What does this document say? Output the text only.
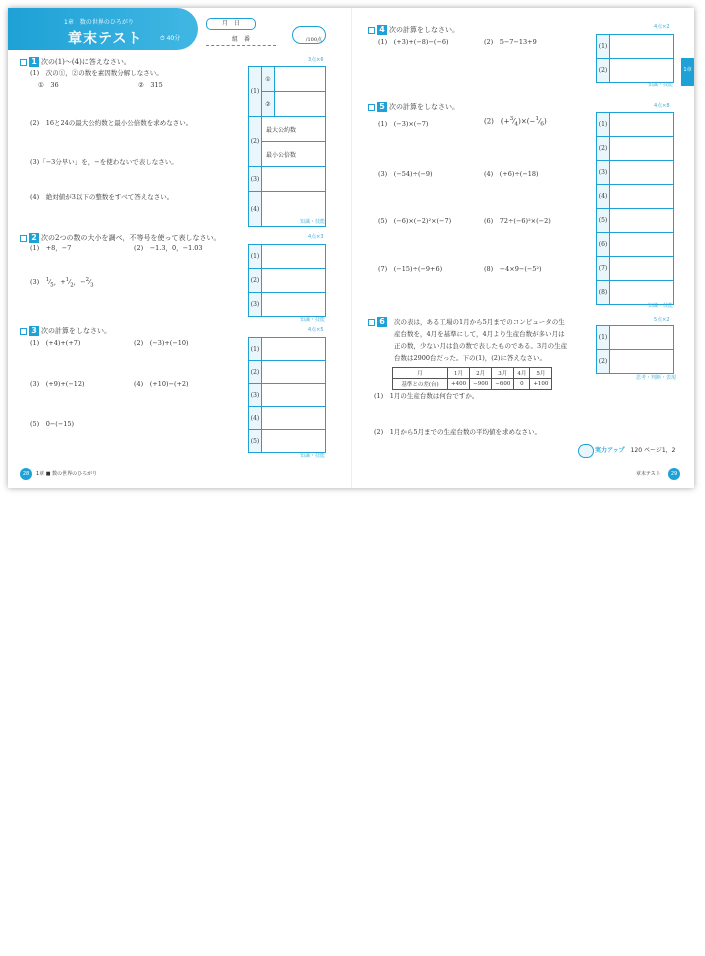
1章　数の世界のひろがり
章末テスト	⏱ 40分
月　日
組　番	/100点
1 次の(1)～(4)に答えなさい。	3点×6
(1)　次の①，②の数を素因数分解しなさい。
①　36	②　315
(2)　16と24の最大公約数と最小公倍数を求めなさい。
(3)「−3分早い」を，−を使わないで表しなさい。
(4)　絶対値が3以下の整数をすべて答えなさい。
(1)	①	
	②	
(2)	最大公約数	
	最小公倍数	
(3)		
(4)		
知識・技能
2 次の2つの数の大小を調べ，不等号を使って表しなさい。	4点×3
(1)　+8，−7	(2)　−1.3，0，−1.03
(3)　 $^1⁄_5$，$+^1⁄_2$，$-^2⁄_3$
(1)	
(2)	
(3)	
知識・技能
3 次の計算をしなさい。	4点×5
(1)　(+4)+(+7)	(2)　(−3)+(−10)
(3)　(+9)+(−12)	(4)　(+10)−(+2)
(5)　0−(−15)
(1)	
(2)	
(3)	
(4)	
(5)	
知識・技能
28	1章 ■ 数の世界のひろがり
1章
4 次の計算をしなさい。	4点×2
(1)　(+3)+(−8)−(−6)	(2)　5−7−13+9
(1)	
(2)	
知識・技能
5 次の計算をしなさい。	4点×8
(1)　(−3)×(−7)	(2)　$(+^3⁄_4)\times(-^1⁄_6)$
(3)　(−54)÷(−9)	(4)　(+6)÷(−18)
(5)　(−6)×(−2)²×(−7)	(6)　72÷(−6)²×(−2)
(7)　(−15)÷(−9+6)	(8)　−4×9−(−5²)
(1)	
(2)	
(3)	
(4)	
(5)	
(6)	
(7)	
(8)	
知識・技能
6	5点×2
次の表は，ある工場の1月から5月までのコンピュータの生
産台数を，4月を基準にして，4月より生産台数が多い月は
正の数，少ない月は負の数で表したものである。3月の生産
台数は2900台だった。下の(1)，(2)に答えなさい。
月	1月	2月	3月	4月	5月
基準との差(台)	+400	−900	−600	0	+100
(1)　1月の生産台数は何台ですか。
(2)　1月から5月までの生産台数の平均値を求めなさい。
(1)	
(2)	
思考・判断・表現
実力アップ　 120 ページ1，2
章末テスト	29
